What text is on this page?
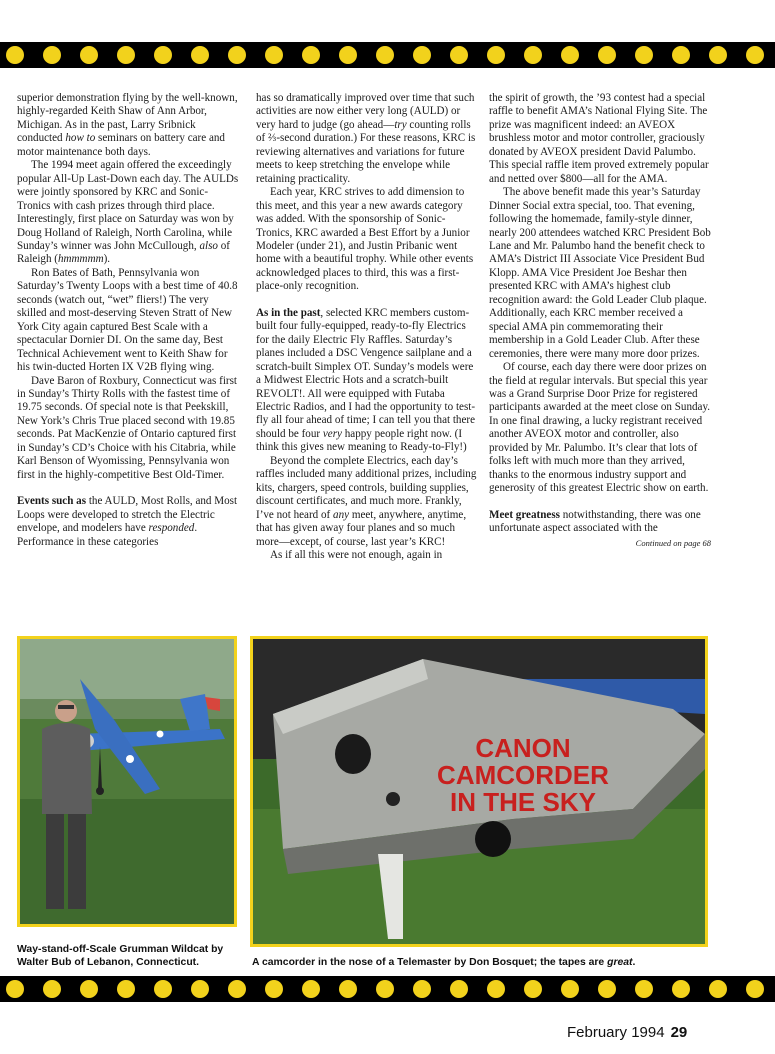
superior demonstration flying by the well-known, highly-regarded Keith Shaw of Ann Arbor, Michigan. As in the past, Larry Sribnick conducted how to seminars on battery care and motor maintenance both days.

The 1994 meet again offered the exceedingly popular All-Up Last-Down each day. The AULDs were jointly sponsored by KRC and Sonic-Tronics with cash prizes through third place. Interestingly, first place on Saturday was won by Doug Holland of Raleigh, North Carolina, while Sunday’s winner was John McCullough, also of Raleigh (hmmmmm).

Ron Bates of Bath, Pennsylvania won Saturday’s Twenty Loops with a best time of 40.8 seconds (watch out, “wet” fliers!) The very skilled and most-deserving Steven Stratt of New York City again captured Best Scale with a spectacular Dornier DI. On the same day, Best Technical Achievement went to Keith Shaw for his twin-ducted Horten IX V2B flying wing.

Dave Baron of Roxbury, Connecticut was first in Sunday’s Thirty Rolls with the fastest time of 19.75 seconds. Of special note is that Peekskill, New York’s Chris True placed second with 19.85 seconds. Pat MacKenzie of Ontario captured first in Sunday’s CD’s Choice with his Citabria, while Karl Benson of Wyomissing, Pennsylvania won first in the highly-competitive Best Old-Timer.

Events such as the AULD, Most Rolls, and Most Loops were developed to stretch the Electric envelope, and modelers have responded. Performance in these categories

has so dramatically improved over time that such activities are now either very long (AULD) or very hard to judge (go ahead—try counting rolls of ⅔-second duration.) For these reasons, KRC is reviewing alternatives and variations for future meets to keep stretching the envelope while retaining practicality.

Each year, KRC strives to add dimension to this meet, and this year a new awards category was added. With the sponsorship of Sonic-Tronics, KRC awarded a Best Effort by a Junior Modeler (under 21), and Justin Pribanic went home with a beautiful trophy. While other events acknowledged places to third, this was a first-place-only recognition.

As in the past, selected KRC members custom-built four fully-equipped, ready-to-fly Electrics for the daily Electric Fly Raffles. Saturday’s planes included a DSC Vengence sailplane and a scratch-built Simplex OT. Sunday’s models were a Midwest Electric Hots and a scratch-built REVOLT!. All were equipped with Futaba Electric Radios, and I had the opportunity to test-fly all four ahead of time; I can tell you that there should be four very happy people right now. (I think this gives new meaning to Ready-to-Fly!)

Beyond the complete Electrics, each day’s raffles included many additional prizes, including kits, chargers, speed controls, building supplies, discount certificates, and much more. Frankly, I’ve not heard of any meet, anywhere, anytime, that has given away four planes and so much more—except, of course, last year’s KRC!

As if all this were not enough, again in

the spirit of growth, the ’93 contest had a special raffle to benefit AMA’s National Flying Site. The prize was magnificent indeed: an AVEOX brushless motor and motor controller, graciously donated by AVEOX president David Palumbo. This special raffle item proved extremely popular and netted over $800—all for the AMA.

The above benefit made this year’s Saturday Dinner Social extra special, too. That evening, following the homemade, family-style dinner, nearly 200 attendees watched KRC President Bob Lane and Mr. Palumbo hand the benefit check to AMA’s District III Associate Vice President Bud Klopp. AMA Vice President Joe Beshar then presented KRC with AMA’s highest club recognition award: the Gold Leader Club plaque. Additionally, each KRC member received a special AMA pin commemorating their membership in a Gold Leader Club. After these ceremonies, there were many more door prizes.

Of course, each day there were door prizes on the field at regular intervals. But special this year was a Grand Surprise Door Prize for registered participants awarded at the meet close on Sunday. In one final drawing, a lucky registrant received another AVEOX motor and controller, also provided by Mr. Palumbo. It’s clear that lots of folks left with much more than they arrived, thanks to the enormous industry support and generosity of this greatest Electric show on earth.

Meet greatness notwithstanding, there was one unfortunate aspect associated with the

Continued on page 68
CANON
CAMCORDER
IN THE SKY
Way-stand-off-Scale Grumman Wildcat by Walter Bub of Lebanon, Connecticut.	A camcorder in the nose of a Telemaster by Don Bosquet; the tapes are great.
February 1994 29
